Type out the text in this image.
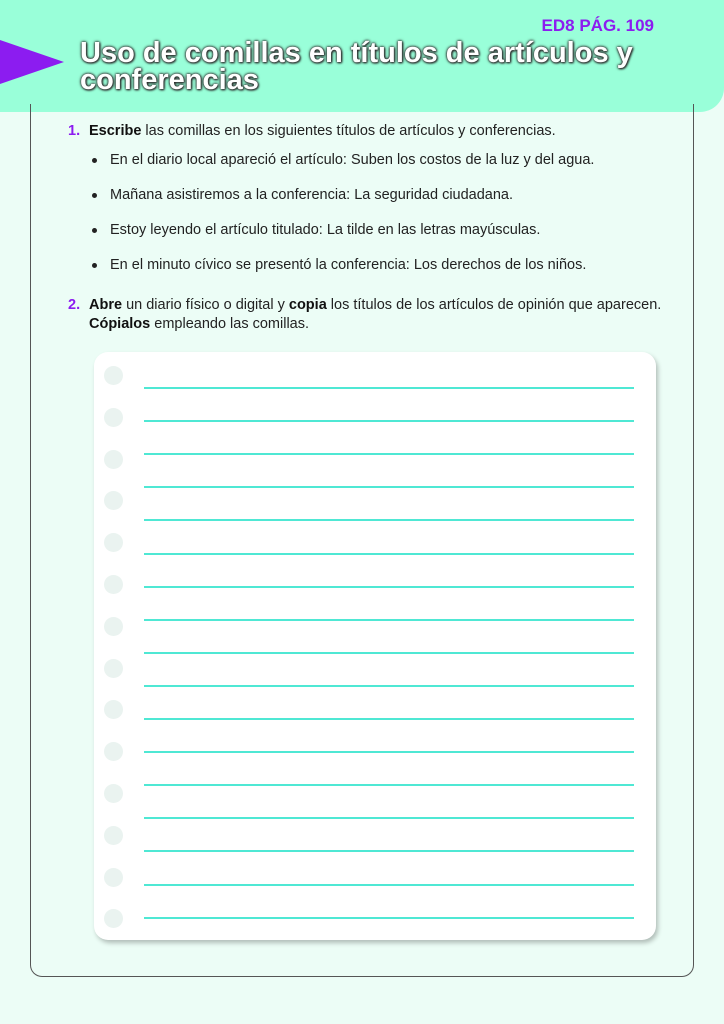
ED8 PÁG. 109
Uso de comillas en títulos de artículos y conferencias
1. Escribe las comillas en los siguientes títulos de artículos y conferencias.
En el diario local apareció el artículo: Suben los costos de la luz y del agua.
Mañana asistiremos a la conferencia: La seguridad ciudadana.
Estoy leyendo el artículo titulado: La tilde en las letras mayúsculas.
En el minuto cívico se presentó la conferencia: Los derechos de los niños.
2. Abre un diario físico o digital y copia los títulos de los artículos de opinión que aparecen. Cópialos empleando las comillas.
